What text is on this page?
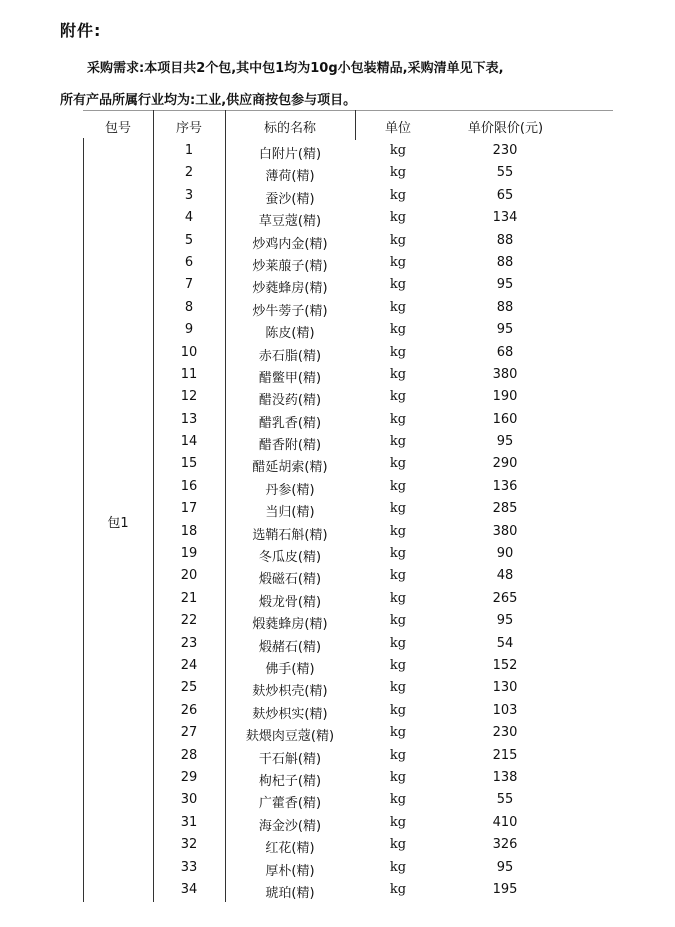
附件:
采购需求:本项目共2个包,其中包1均为10g小包装精品,采购清单见下表,
所有产品所属行业均为:工业,供应商按包参与项目。
包号	序号	标的名称	单位	单价限价(元)
包1
1	白附片(精)	kg	230
2	薄荷(精)	kg	55
3	蚕沙(精)	kg	65
4	草豆蔻(精)	kg	134
5	炒鸡内金(精)	kg	88
6	炒莱菔子(精)	kg	88
7	炒蕤蜂房(精)	kg	95
8	炒牛蒡子(精)	kg	88
9	陈皮(精)	kg	95
10	赤石脂(精)	kg	68
11	醋鳖甲(精)	kg	380
12	醋没药(精)	kg	190
13	醋乳香(精)	kg	160
14	醋香附(精)	kg	95
15	醋延胡索(精)	kg	290
16	丹参(精)	kg	136
17	当归(精)	kg	285
18	选鞘石斛(精)	kg	380
19	冬瓜皮(精)	kg	90
20	煅磁石(精)	kg	48
21	煅龙骨(精)	kg	265
22	煅蕤蜂房(精)	kg	95
23	煅赭石(精)	kg	54
24	佛手(精)	kg	152
25	麸炒枳壳(精)	kg	130
26	麸炒枳实(精)	kg	103
27	麸煨肉豆蔻(精)	kg	230
28	干石斛(精)	kg	215
29	枸杞子(精)	kg	138
30	广藿香(精)	kg	55
31	海金沙(精)	kg	410
32	红花(精)	kg	326
33	厚朴(精)	kg	95
34	琥珀(精)	kg	195
